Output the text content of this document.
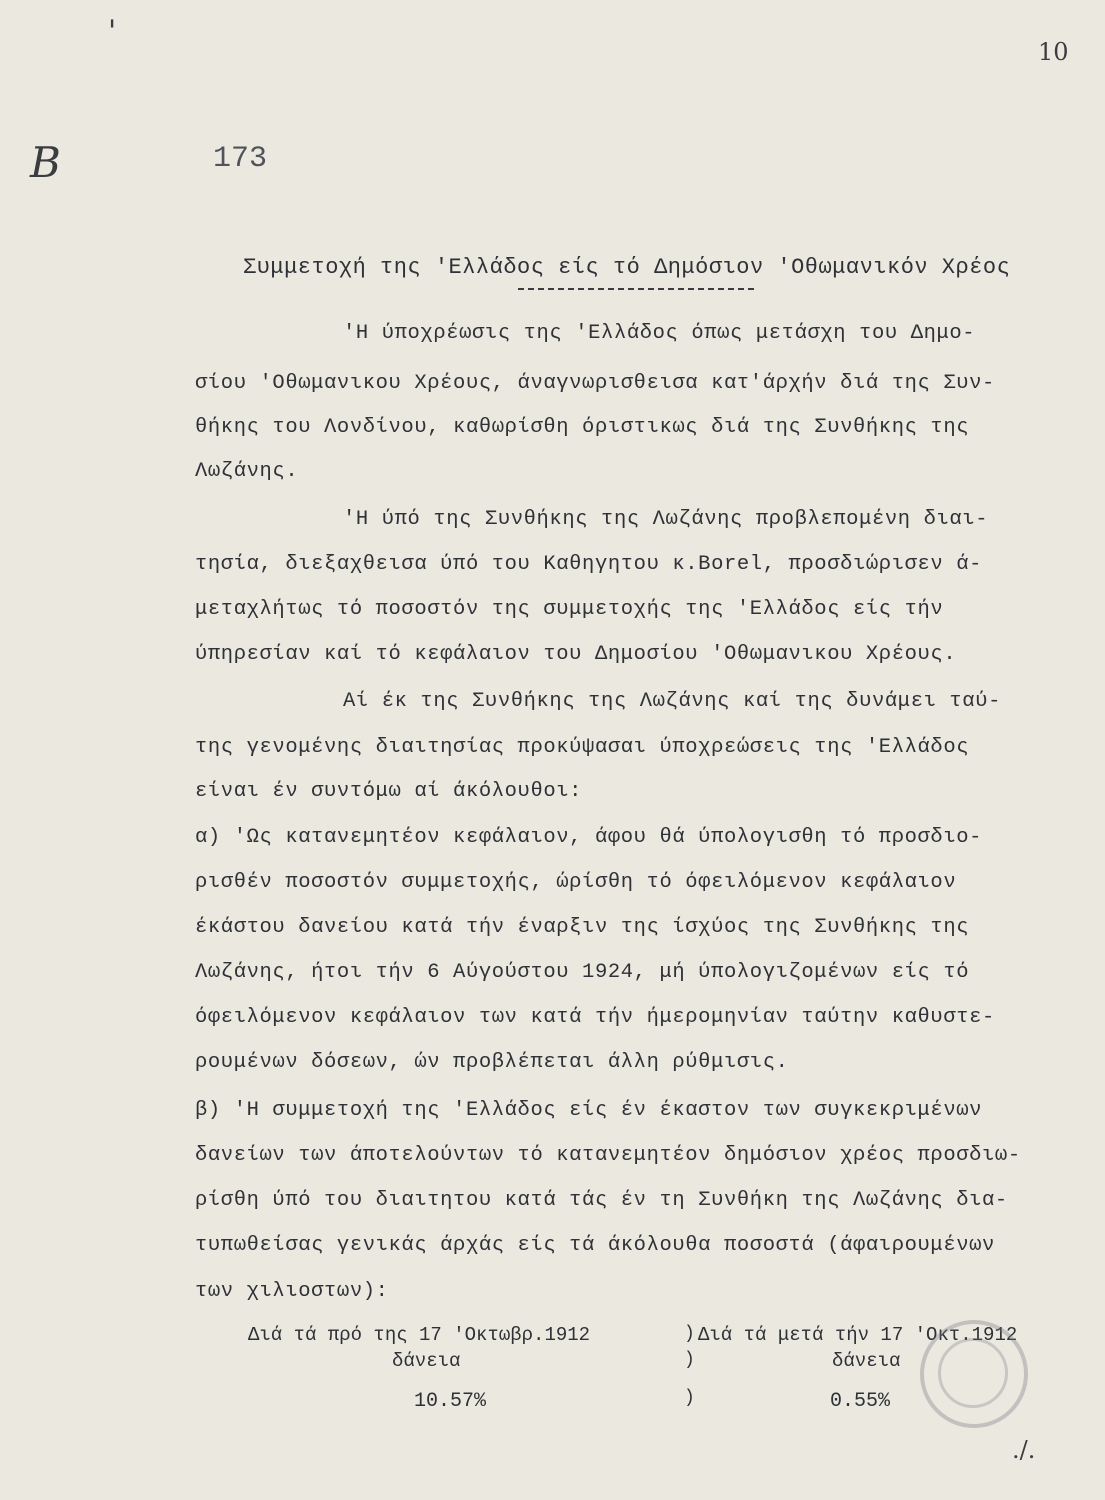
10
B
'
173
Συμμετοχή της 'Ελλάδος είς τό Δημόσιον 'Οθωμανικόν Χρέος
'Η ύποχρέωσις της 'Ελλάδος όπως μετάσχη του Δημο-
σίου 'Οθωμανικου Χρέους, άναγνωρισθεισα κατ'άρχήν διά της Συν-
θήκης του Λονδίνου, καθωρίσθη όριστικως διά της Συνθήκης της
Λωζάνης.
'Η ύπό της Συνθήκης της Λωζάνης προβλεπομένη διαι-
τησία, διεξαχθεισα ύπό του Καθηγητου κ.Borel, προσδιώρισεν ά-
μεταχλήτως τό ποσοστόν της συμμετοχής της 'Ελλάδος είς τήν
ύπηρεσίαν καί τό κεφάλαιον του Δημοσίου 'Οθωμανικου Χρέους.
Αί έκ της Συνθήκης της Λωζάνης καί της δυνάμει ταύ-
της γενομένης διαιτησίας προκύψασαι ύποχρεώσεις της 'Ελλάδος
είναι έν συντόμω αί άκόλουθοι:
α) 'Ως κατανεμητέον κεφάλαιον, άφου θά ύπολογισθη τό προσδιο-
ρισθέν ποσοστόν συμμετοχής, ώρίσθη τό όφειλόμενον κεφάλαιον
έκάστου δανείου κατά τήν έναρξιν της ίσχύος της Συνθήκης της
Λωζάνης, ήτοι τήν 6 Αύγούστου 1924, μή ύπολογιζομένων είς τό
όφειλόμενον κεφάλαιον των κατά τήν ήμερομηνίαν ταύτην καθυστε-
ρουμένων δόσεων, ών προβλέπεται άλλη ρύθμισις.
β) 'Η συμμετοχή της 'Ελλάδος είς έν έκαστον των συγκεκριμένων
δανείων των άποτελούντων τό κατανεμητέον δημόσιον χρέος προσδιω-
ρίσθη ύπό του διαιτητου κατά τάς έν τη Συνθήκη της Λωζάνης δια-
τυπωθείσας γενικάς άρχάς είς τά άκόλουθα ποσοστά (άφαιρουμένων
των χιλιοστων):
Διά τά πρό της 17 'Οκτωβρ.1912
δάνεια
)
)
)
Διά τά μετά τήν 17 'Οκτ.1912
δάνεια
10.57%	0.55%
./.
